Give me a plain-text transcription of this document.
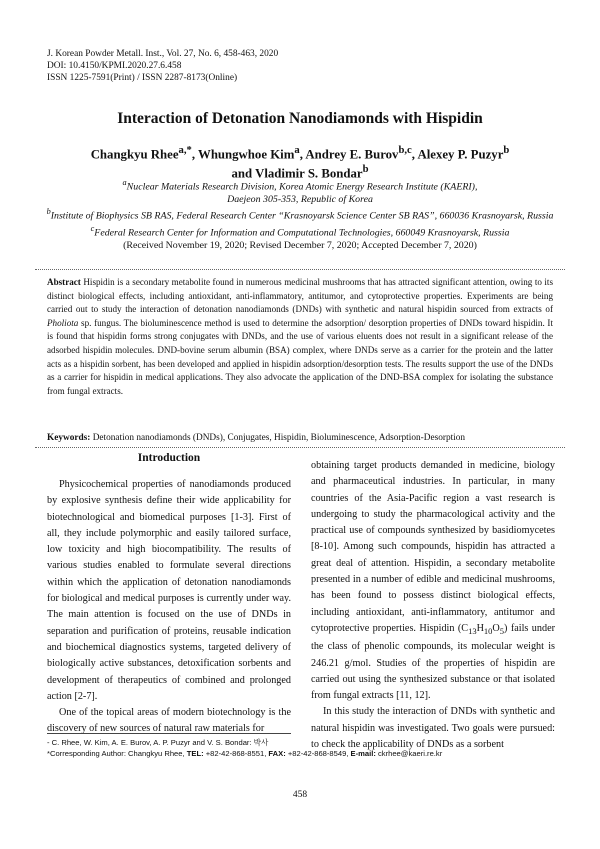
J. Korean Powder Metall. Inst., Vol. 27, No. 6, 458-463, 2020
DOI: 10.4150/KPMI.2020.27.6.458
ISSN 1225-7591(Print) / ISSN 2287-8173(Online)
Interaction of Detonation Nanodiamonds with Hispidin
Changkyu Rhee$^{a,*}$, Whungwhoe Kim$^a$, Andrey E. Burov$^{b,c}$, Alexey P. Puzyr$^b$
and Vladimir S. Bondar$^b$
$^a$Nuclear Materials Research Division, Korea Atomic Energy Research Institute (KAERI),
Daejeon 305-353, Republic of Korea
$^b$Institute of Biophysics SB RAS, Federal Research Center “Krasnoyarsk Science Center SB RAS”, 660036 Krasnoyarsk, Russia
$^c$Federal Research Center for Information and Computational Technologies, 660049 Krasnoyarsk, Russia
(Received November 19, 2020; Revised December 7, 2020; Accepted December 7, 2020)
Abstract Hispidin is a secondary metabolite found in numerous medicinal mushrooms that has attracted significant attention, owing to its distinct biological effects, including antioxidant, anti-inflammatory, antitumor, and cytoprotective properties. Experiments are being carried out to study the interaction of detonation nanodiamonds (DNDs) with synthetic and natural hispidin sourced from extracts of Pholiota sp. fungus. The bioluminescence method is used to determine the adsorption/ desorption properties of DNDs toward hispidin. It is found that hispidin forms strong conjugates with DNDs, and the use of various eluents does not result in a significant release of the adsorbed hispidin molecules. DND-bovine serum albumin (BSA) complex, where DNDs serve as a carrier for the protein and the latter acts as a hispidin sorbent, has been developed and applied in hispidin adsorption/desorption tests. The results support the use of the DNDs as a carrier for hispidin in medical applications. They also advocate the application of the DND-BSA complex for isolating the substance from fungal extracts.
Keywords: Detonation nanodiamonds (DNDs), Conjugates, Hispidin, Bioluminescence, Adsorption-Desorption
Introduction

Physicochemical properties of nanodiamonds produced by explosive synthesis define their wide applicability for biotechnological and biomedical purposes [1-3]. First of all, they include polymorphic and easily tailored surface, low toxicity and high biocompatibility. The results of various studies enabled to formulate several directions within which the application of detonation nanodiamonds for biological and medical purposes is currently under way. The main attention is focused on the use of DNDs in separation and purification of proteins, reusable indication and biochemical diagnostics systems, targeted delivery of biologically active substances, detoxification sorbents and development of therapeutics of combined and prolonged action [2-7].

One of the topical areas of modern biotechnology is the discovery of new sources of natural raw materials for

obtaining target products demanded in medicine, biology and pharmaceutical industries. In particular, in many countries of the Asia-Pacific region a vast research is undergoing to study the pharmacological activity and the practical use of compounds synthesized by basidiomycetes [8-10]. Among such compounds, hispidin has attracted a great deal of attention. Hispidin, a secondary metabolite presented in a number of edible and medicinal mushrooms, has been found to possess distinct biological effects, including antioxidant, anti-inflammatory, antitumor and cytoprotective properties. Hispidin $(C_{13}H_{10}O_5)$ fails under the class of phenolic compounds, its molecular weight is 246.21 g/mol. Studies of the properties of hispidin are carried out using the synthesized substance or that isolated from fungal extracts [11, 12].

In this study the interaction of DNDs with synthetic and natural hispidin was investigated. Two goals were pursued: to check the applicability of DNDs as a sorbent

- C. Rhee, W. Kim, A. E. Burov, A. P. Puzyr and V. S. Bondar: 박사
*Corresponding Author: Changkyu Rhee, TEL: +82-42-868-8551, FAX: +82-42-868-8549, E-mail: ckrhee@kaeri.re.kr
458
